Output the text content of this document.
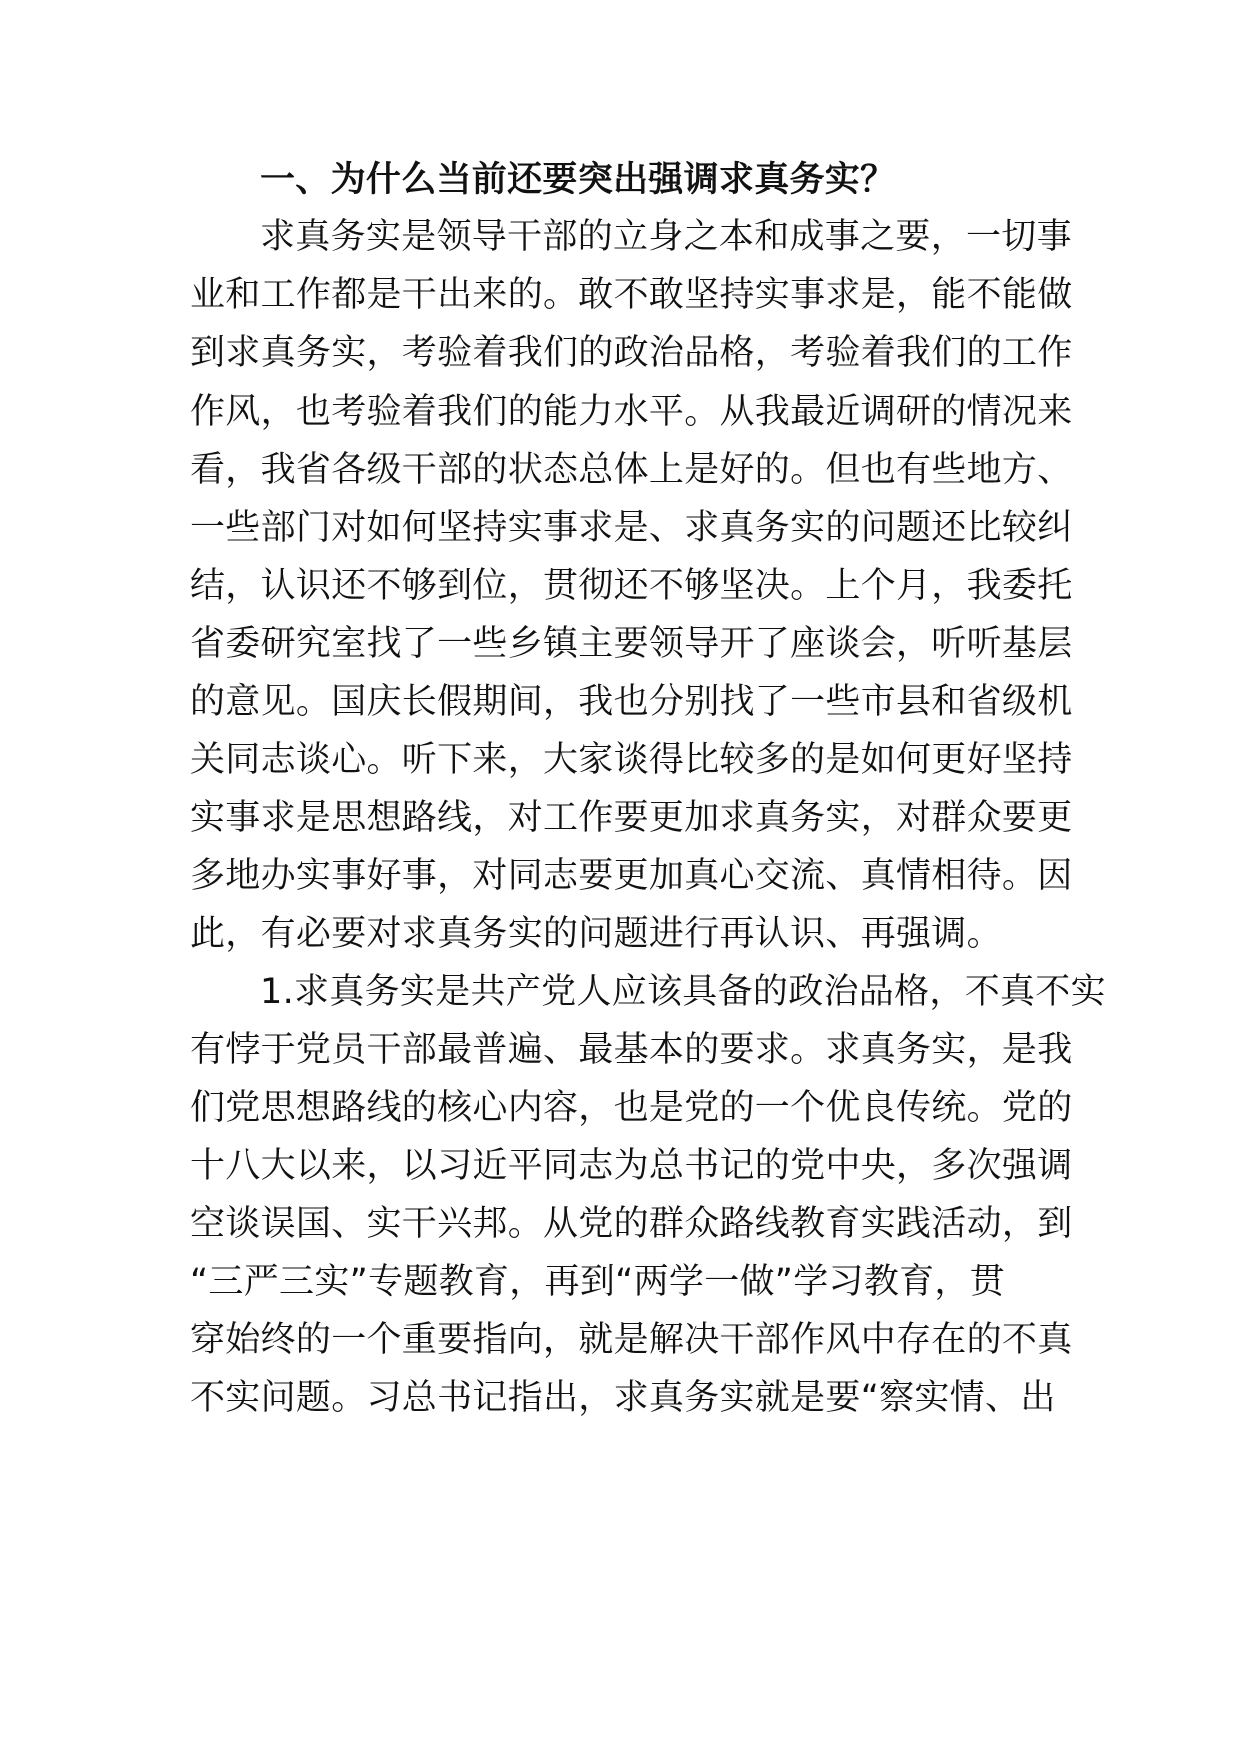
一、为什么当前还要突出强调求真务实？
求真务实是领导干部的立身之本和成事之要，一切事
业和工作都是干出来的。敢不敢坚持实事求是，能不能做
到求真务实，考验着我们的政治品格，考验着我们的工作
作风，也考验着我们的能力水平。从我最近调研的情况来
看，我省各级干部的状态总体上是好的。但也有些地方、
一些部门对如何坚持实事求是、求真务实的问题还比较纠
结，认识还不够到位，贯彻还不够坚决。上个月，我委托
省委研究室找了一些乡镇主要领导开了座谈会，听听基层
的意见。国庆长假期间，我也分别找了一些市县和省级机
关同志谈心。听下来，大家谈得比较多的是如何更好坚持
实事求是思想路线，对工作要更加求真务实，对群众要更
多地办实事好事，对同志要更加真心交流、真情相待。因
此，有必要对求真务实的问题进行再认识、再强调。
1.求真务实是共产党人应该具备的政治品格，不真不实
有悖于党员干部最普遍、最基本的要求。求真务实，是我
们党思想路线的核心内容，也是党的一个优良传统。党的
十八大以来，以习近平同志为总书记的党中央，多次强调
空谈误国、实干兴邦。从党的群众路线教育实践活动，到
“三严三实”专题教育，再到“两学一做”学习教育，贯
穿始终的一个重要指向，就是解决干部作风中存在的不真
不实问题。习总书记指出，求真务实就是要“察实情、出
